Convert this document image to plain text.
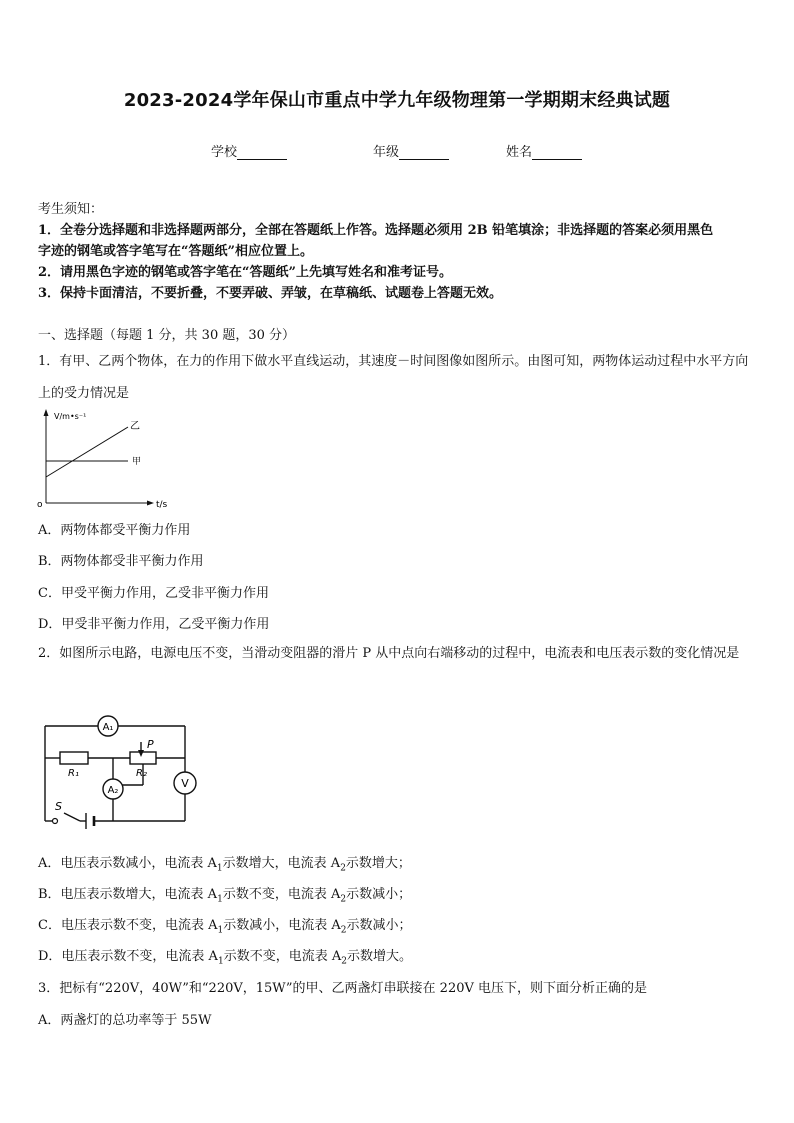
2023-2024学年保山市重点中学九年级物理第一学期期末经典试题
学校	年级	姓名
考生须知：
1．全卷分选择题和非选择题两部分，全部在答题纸上作答。选择题必须用 2B 铅笔填涂；非选择题的答案必须用黑色
字迹的钢笔或答字笔写在“答题纸”相应位置上。
2．请用黑色字迹的钢笔或答字笔在“答题纸”上先填写姓名和准考证号。
3．保持卡面清洁，不要折叠，不要弄破、弄皱，在草稿纸、试题卷上答题无效。
一、选择题（每题 1 分，共 30 题，30 分）
1．有甲、乙两个物体，在力的作用下做水平直线运动，其速度－时间图像如图所示。由图可知，两物体运动过程中水平方向上的受力情况是
V/m•s⁻¹
t/s
o
甲
乙
A．两物体都受平衡力作用
B．两物体都受非平衡力作用
C．甲受平衡力作用，乙受非平衡力作用
D．甲受非平衡力作用，乙受平衡力作用
2．如图所示电路，电源电压不变，当滑动变阻器的滑片 P 从中点向右端移动的过程中，电流表和电压表示数的变化情况是
A₁
P
R₁	R₂
A₂
V
S
A．电压表示数减小，电流表 $A_1$示数增大，电流表 $A_2$示数增大；
B．电压表示数增大，电流表 $A_1$示数不变，电流表 $A_2$示数减小；
C．电压表示数不变，电流表 $A_1$示数减小，电流表 $A_2$示数减小；
D．电压表示数不变，电流表 $A_1$示数不变，电流表 $A_2$示数增大。
3．把标有“220V，40W”和“220V，15W”的甲、乙两盏灯串联接在 220V 电压下，则下面分析正确的是
A．两盏灯的总功率等于 55W
